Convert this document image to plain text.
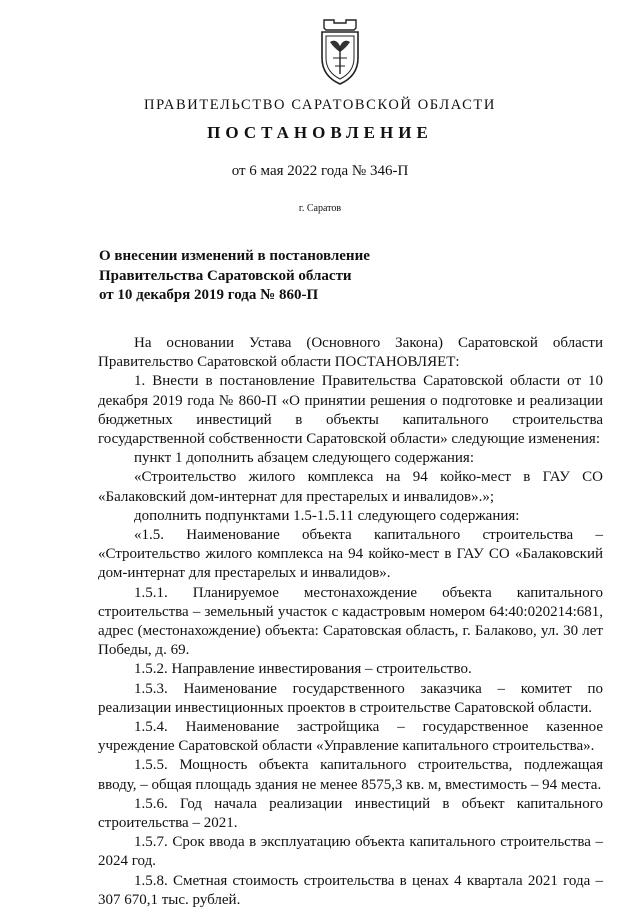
ПРАВИТЕЛЬСТВО САРАТОВСКОЙ ОБЛАСТИ
ПОСТАНОВЛЕНИЕ
от 6 мая 2022 года № 346-П
г. Саратов
О внесении изменений в постановление
Правительства Саратовской области
от 10 декабря 2019 года № 860-П

На основании Устава (Основного Закона) Саратовской области Правительство Саратовской области ПОСТАНОВЛЯЕТ:

1. Внести в постановление Правительства Саратовской области от 10 декабря 2019 года № 860-П «О принятии решения о подготовке и реализации бюджетных инвестиций в объекты капитального строительства государственной собственности Саратовской области» следующие изменения:

пункт 1 дополнить абзацем следующего содержания:

«Строительство жилого комплекса на 94 койко-мест в ГАУ СО «Балаковский дом-интернат для престарелых и инвалидов».»;

дополнить подпунктами 1.5-1.5.11 следующего содержания:

«1.5. Наименование объекта капитального строительства – «Строительство жилого комплекса на 94 койко-мест в ГАУ СО «Балаковский дом-интернат для престарелых и инвалидов».

1.5.1. Планируемое местонахождение объекта капитального строительства – земельный участок с кадастровым номером 64:40:020214:681, адрес (местонахождение) объекта: Саратовская область, г. Балаково, ул. 30 лет Победы, д. 69.

1.5.2. Направление инвестирования – строительство.

1.5.3. Наименование государственного заказчика – комитет по реализации инвестиционных проектов в строительстве Саратовской области.

1.5.4. Наименование застройщика – государственное казенное учреждение Саратовской области «Управление капитального строительства».

1.5.5. Мощность объекта капитального строительства, подлежащая вводу, – общая площадь здания не менее 8575,3 кв. м, вместимость – 94 места.

1.5.6. Год начала реализации инвестиций в объект капитального строительства – 2021.

1.5.7. Срок ввода в эксплуатацию объекта капитального строительства – 2024 год.

1.5.8. Сметная стоимость строительства в ценах 4 квартала 2021 года – 307 670,1 тыс. рублей.
